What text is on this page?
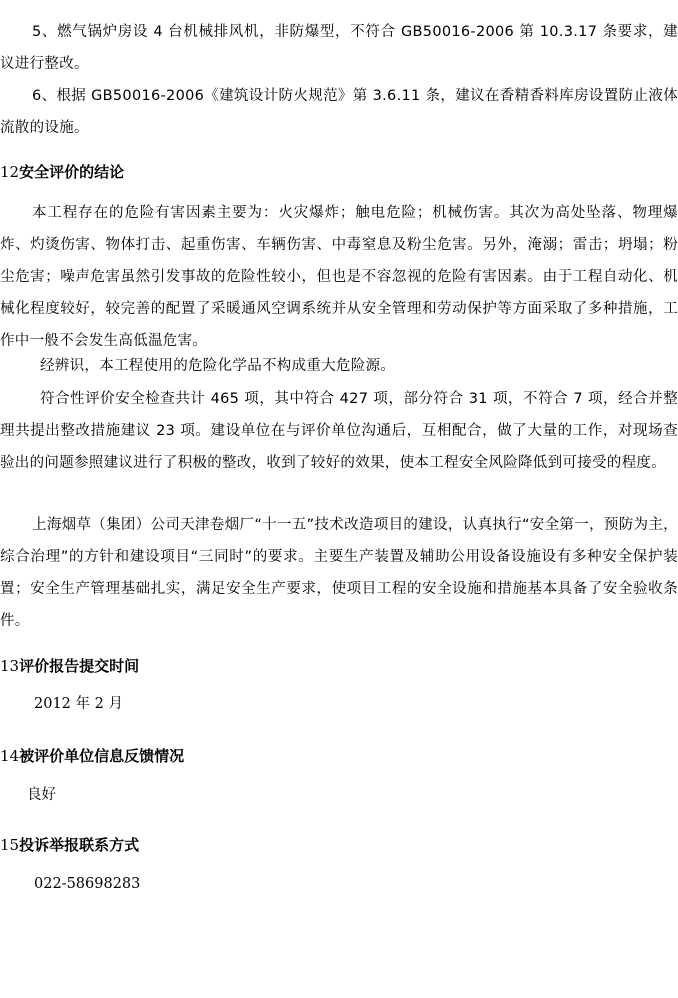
5、燃气锅炉房设 4 台机械排风机，非防爆型，不符合 GB50016-2006 第 10.3.17 条要求，建议进行整改。

6、根据 GB50016-2006《建筑设计防火规范》第 3.6.11 条，建议在香精香料库房设置防止液体流散的设施。

12安全评价的结论

本工程存在的危险有害因素主要为：火灾爆炸；触电危险；机械伤害。其次为高处坠落、物理爆炸、灼烫伤害、物体打击、起重伤害、车辆伤害、中毒窒息及粉尘危害。另外，淹溺；雷击；坍塌；粉尘危害；噪声危害虽然引发事故的危险性较小，但也是不容忽视的危险有害因素。由于工程自动化、机械化程度较好，较完善的配置了采暖通风空调系统并从安全管理和劳动保护等方面采取了多种措施，工作中一般不会发生高低温危害。

经辨识，本工程使用的危险化学品不构成重大危险源。

符合性评价安全检查共计 465 项，其中符合 427 项，部分符合 31 项，不符合 7 项，经合并整理共提出整改措施建议 23 项。建设单位在与评价单位沟通后，互相配合，做了大量的工作，对现场查验出的问题参照建议进行了积极的整改，收到了较好的效果，使本工程安全风险降低到可接受的程度。

上海烟草（集团）公司天津卷烟厂“十一五”技术改造项目的建设，认真执行“安全第一，预防为主，综合治理”的方针和建设项目“三同时”的要求。主要生产装置及辅助公用设备设施设有多种安全保护装置；安全生产管理基础扎实，满足安全生产要求，使项目工程的安全设施和措施基本具备了安全验收条件。

13评价报告提交时间

2012 年 2 月

14被评价单位信息反馈情况

良好

15投诉举报联系方式

022-58698283
